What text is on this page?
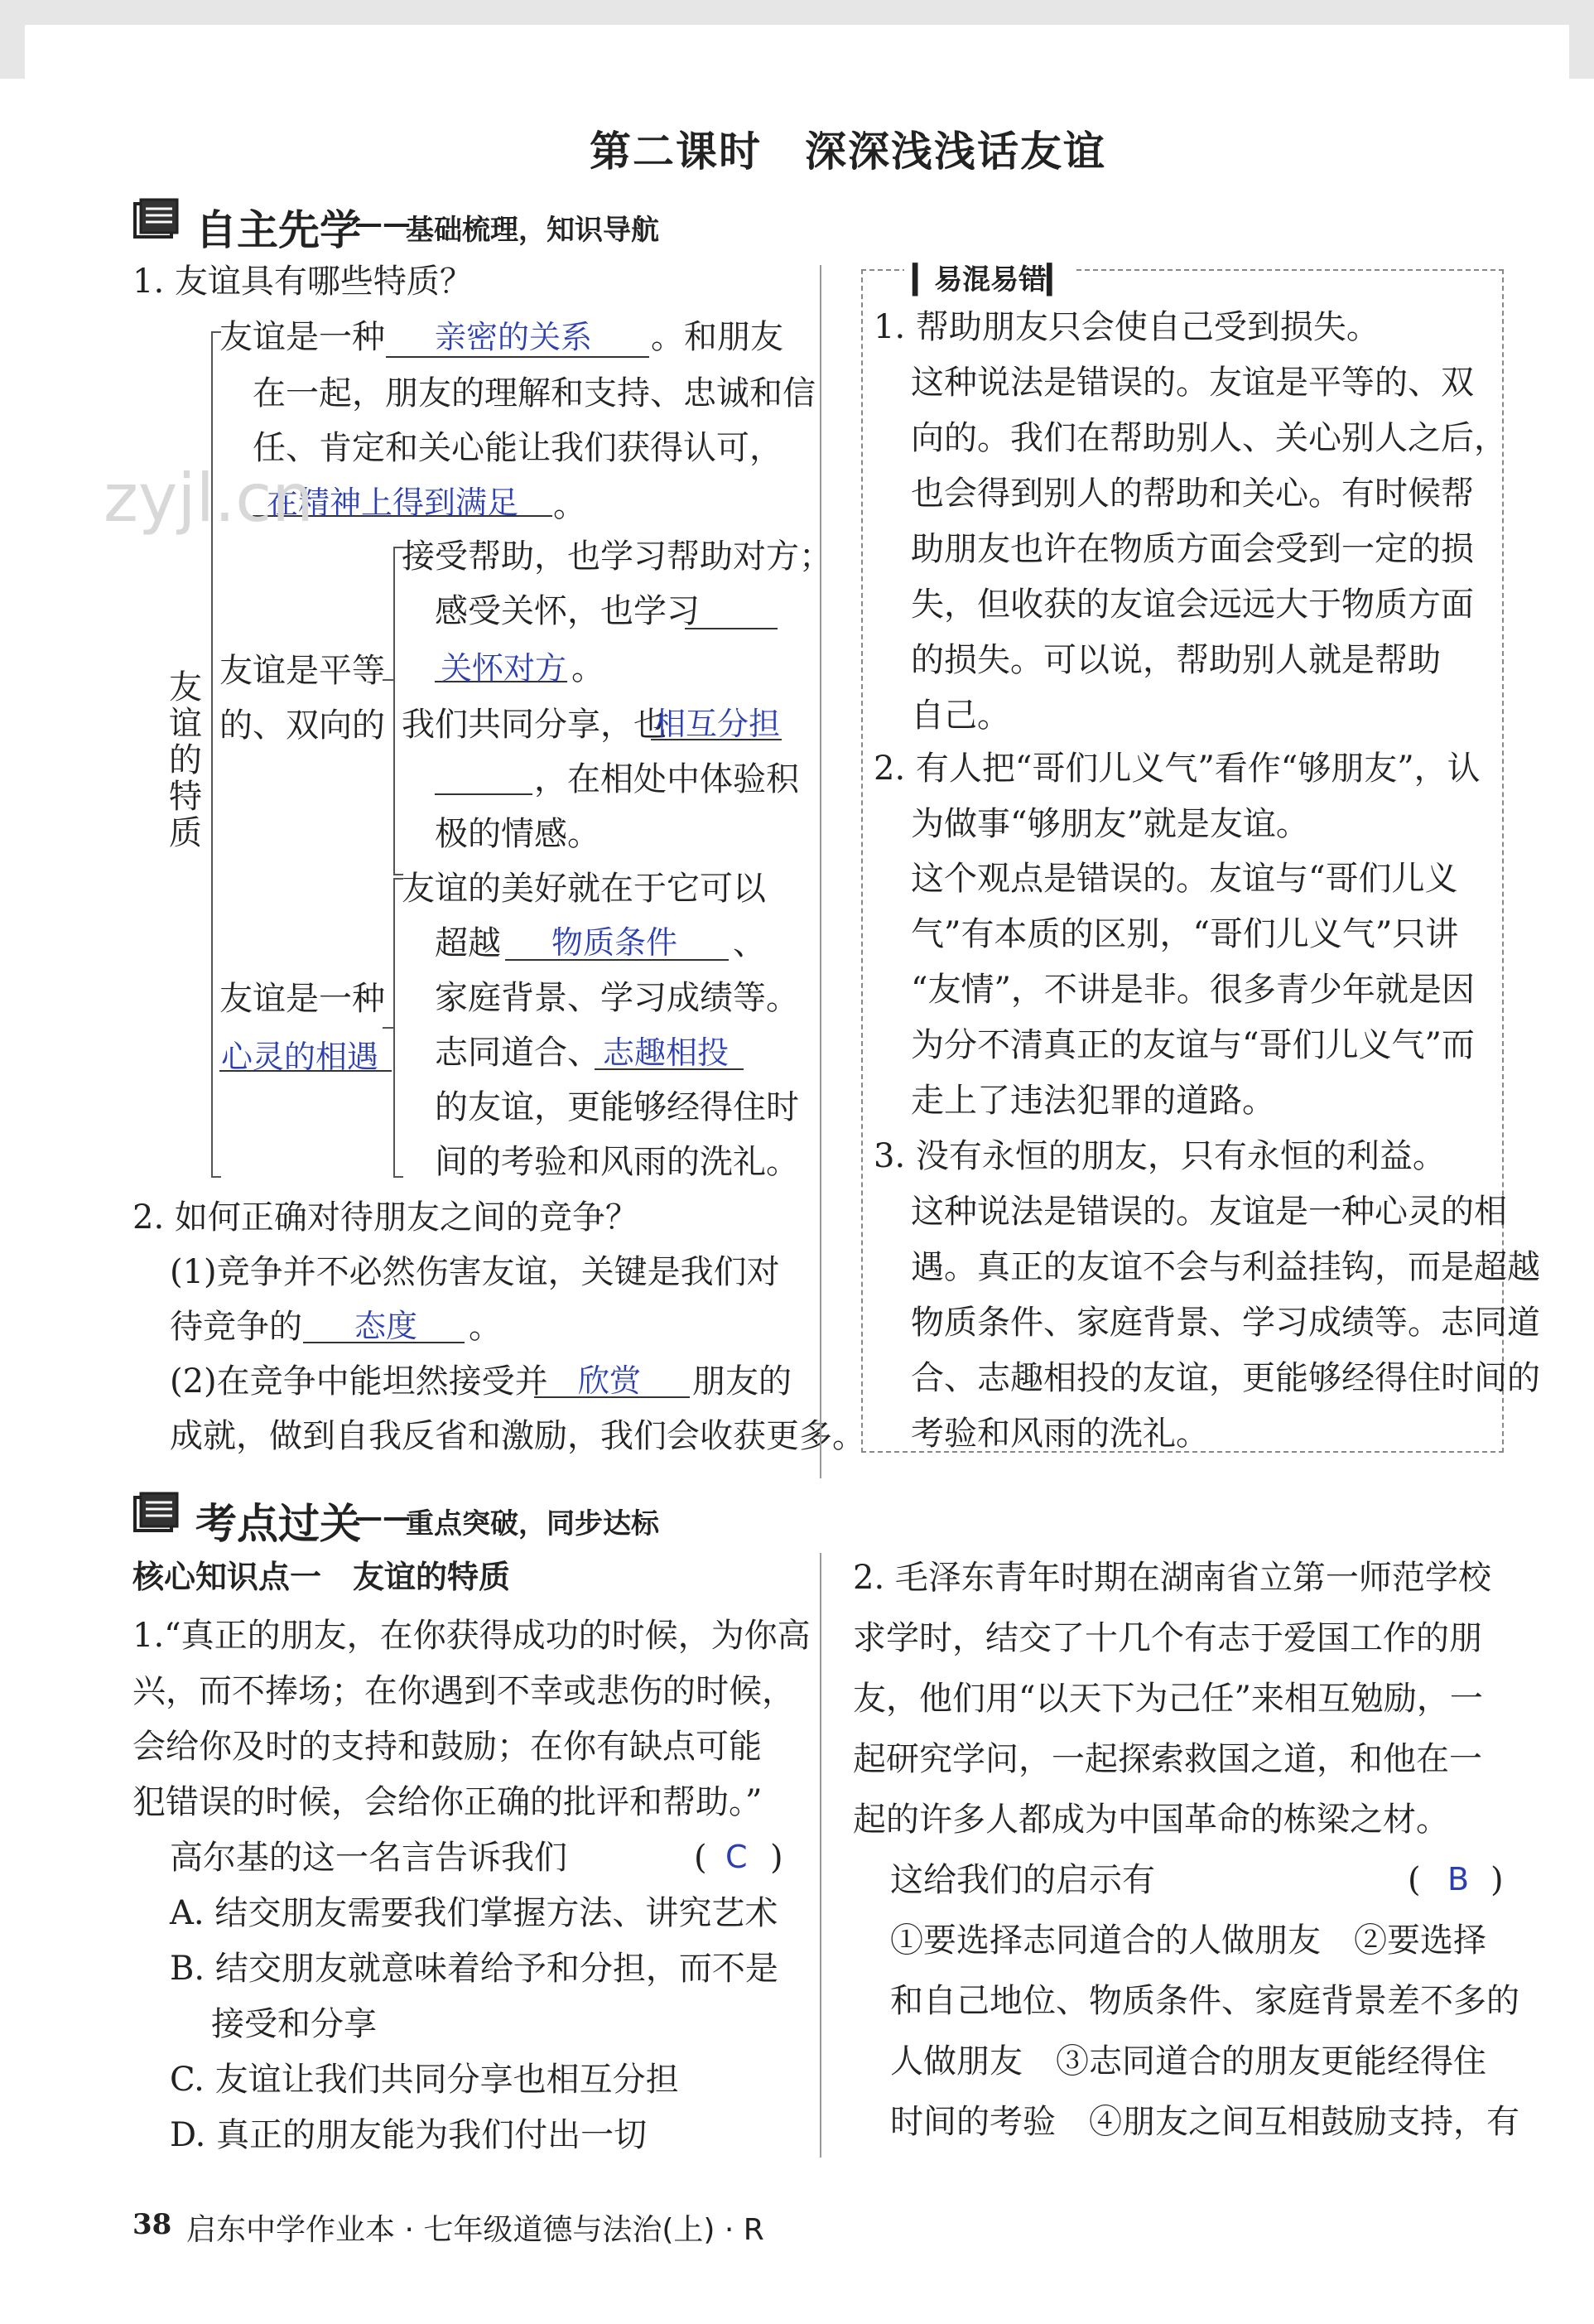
第二课时　深深浅浅话友谊
自主先学
——
基础梳理，知识导航
1. 友谊具有哪些特质？
友谊是一种 亲密的关系 。和朋友
在一起，朋友的理解和支持、忠诚和信
任、肯定和关心能让我们获得认可，
在精神上得到满足 。
zyjl.cn
友谊的特质
友谊是平等
的、双向的
接受帮助，也学习帮助对方；
感受关怀，也学习
关怀对方 。
我们共同分享，也
相互分担
，在相处中体验积
极的情感。
友谊是一种
心灵的相遇
友谊的美好就在于它可以
超越 物质条件 、
家庭背景、学习成绩等。
志同道合、 志趣相投
的友谊，更能够经得住时
间的考验和风雨的洗礼。
2. 如何正确对待朋友之间的竞争？
(1)竞争并不必然伤害友谊，关键是我们对
待竞争的 态度 。
(2)在竞争中能坦然接受并 欣赏 朋友的
成就，做到自我反省和激励，我们会收获更多。
▎易混易错▎
1. 帮助朋友只会使自己受到损失。
这种说法是错误的。友谊是平等的、双
向的。我们在帮助别人、关心别人之后，
也会得到别人的帮助和关心。有时候帮
助朋友也许在物质方面会受到一定的损
失，但收获的友谊会远远大于物质方面
的损失。可以说，帮助别人就是帮助
自己。
2. 有人把“哥们儿义气”看作“够朋友”，认
为做事“够朋友”就是友谊。
这个观点是错误的。友谊与“哥们儿义
气”有本质的区别，“哥们儿义气”只讲
“友情”，不讲是非。很多青少年就是因
为分不清真正的友谊与“哥们儿义气”而
走上了违法犯罪的道路。
3. 没有永恒的朋友，只有永恒的利益。
这种说法是错误的。友谊是一种心灵的相
遇。真正的友谊不会与利益挂钩，而是超越
物质条件、家庭背景、学习成绩等。志同道
合、志趣相投的友谊，更能够经得住时间的
考验和风雨的洗礼。
考点过关
——
重点突破，同步达标
核心知识点一　友谊的特质
1.“真正的朋友，在你获得成功的时候，为你高
兴，而不捧场；在你遇到不幸或悲伤的时候，
会给你及时的支持和鼓励；在你有缺点可能
犯错误的时候，会给你正确的批评和帮助。”
高尔基的这一名言告诉我们	( C )
A. 结交朋友需要我们掌握方法、讲究艺术
B. 结交朋友就意味着给予和分担，而不是
接受和分享
C. 友谊让我们共同分享也相互分担
D. 真正的朋友能为我们付出一切
2. 毛泽东青年时期在湖南省立第一师范学校
求学时，结交了十几个有志于爱国工作的朋
友，他们用“以天下为己任”来相互勉励，一
起研究学问，一起探索救国之道，和他在一
起的许多人都成为中国革命的栋梁之材。
这给我们的启示有	( B )
①要选择志同道合的人做朋友　②要选择
和自己地位、物质条件、家庭背景差不多的
人做朋友　③志同道合的朋友更能经得住
时间的考验　④朋友之间互相鼓励支持，有
38 启东中学作业本 · 七年级道德与法治(上) · R
